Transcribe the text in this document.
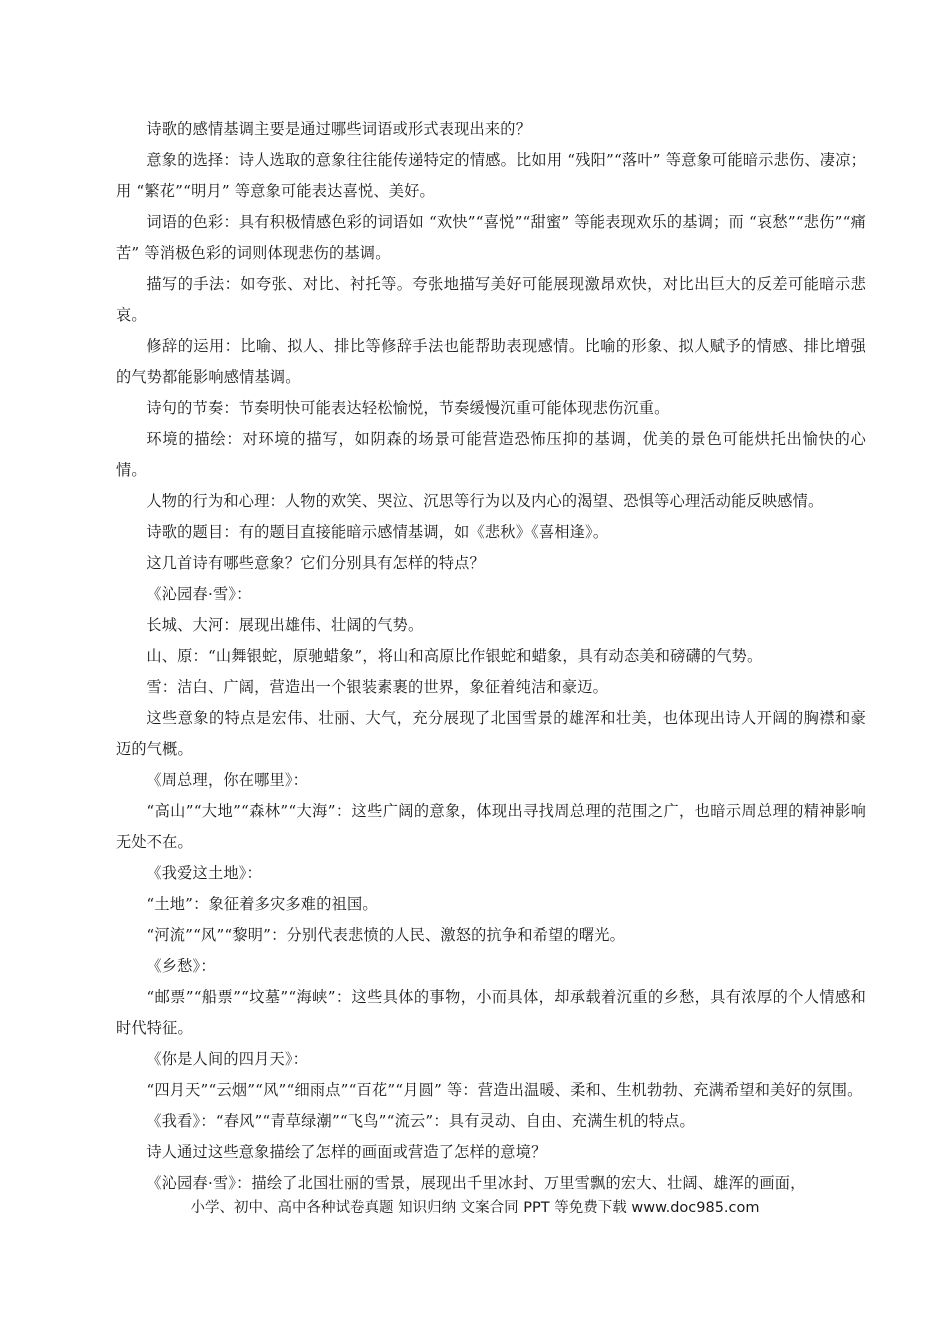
诗歌的感情基调主要是通过哪些词语或形式表现出来的？

意象的选择：诗人选取的意象往往能传递特定的情感。比如用 “残阳”“落叶” 等意象可能暗示悲伤、凄凉；用 “繁花”“明月” 等意象可能表达喜悦、美好。

词语的色彩：具有积极情感色彩的词语如 “欢快”“喜悦”“甜蜜” 等能表现欢乐的基调；而 “哀愁”“悲伤”“痛苦” 等消极色彩的词则体现悲伤的基调。

描写的手法：如夸张、对比、衬托等。夸张地描写美好可能展现激昂欢快，对比出巨大的反差可能暗示悲哀。

修辞的运用：比喻、拟人、排比等修辞手法也能帮助表现感情。比喻的形象、拟人赋予的情感、排比增强的气势都能影响感情基调。

诗句的节奏：节奏明快可能表达轻松愉悦，节奏缓慢沉重可能体现悲伤沉重。

环境的描绘：对环境的描写，如阴森的场景可能营造恐怖压抑的基调，优美的景色可能烘托出愉快的心情。

人物的行为和心理：人物的欢笑、哭泣、沉思等行为以及内心的渴望、恐惧等心理活动能反映感情。

诗歌的题目：有的题目直接能暗示感情基调，如《悲秋》《喜相逢》。

这几首诗有哪些意象？它们分别具有怎样的特点？

《沁园春·雪》：

长城、大河：展现出雄伟、壮阔的气势。

山、原：“山舞银蛇，原驰蜡象”，将山和高原比作银蛇和蜡象，具有动态美和磅礴的气势。

雪：洁白、广阔，营造出一个银装素裹的世界，象征着纯洁和豪迈。

这些意象的特点是宏伟、壮丽、大气，充分展现了北国雪景的雄浑和壮美，也体现出诗人开阔的胸襟和豪迈的气概。

《周总理，你在哪里》：

“高山”“大地”“森林”“大海”：这些广阔的意象，体现出寻找周总理的范围之广，也暗示周总理的精神影响无处不在。

《我爱这土地》：

“土地”：象征着多灾多难的祖国。

“河流”“风”“黎明”：分别代表悲愤的人民、激怒的抗争和希望的曙光。

《乡愁》：

“邮票”“船票”“坟墓”“海峡”：这些具体的事物，小而具体，却承载着沉重的乡愁，具有浓厚的个人情感和时代特征。

《你是人间的四月天》：

“四月天”“云烟”“风”“细雨点”“百花”“月圆” 等：营造出温暖、柔和、生机勃勃、充满希望和美好的氛围。

《我看》：“春风”“青草绿潮”“飞鸟”“流云”：具有灵动、自由、充满生机的特点。

诗人通过这些意象描绘了怎样的画面或营造了怎样的意境？

《沁园春·雪》：描绘了北国壮丽的雪景，展现出千里冰封、万里雪飘的宏大、壮阔、雄浑的画面，

小学、初中、高中各种试卷真题 知识归纳 文案合同 PPT 等免费下载 www.doc985.com
